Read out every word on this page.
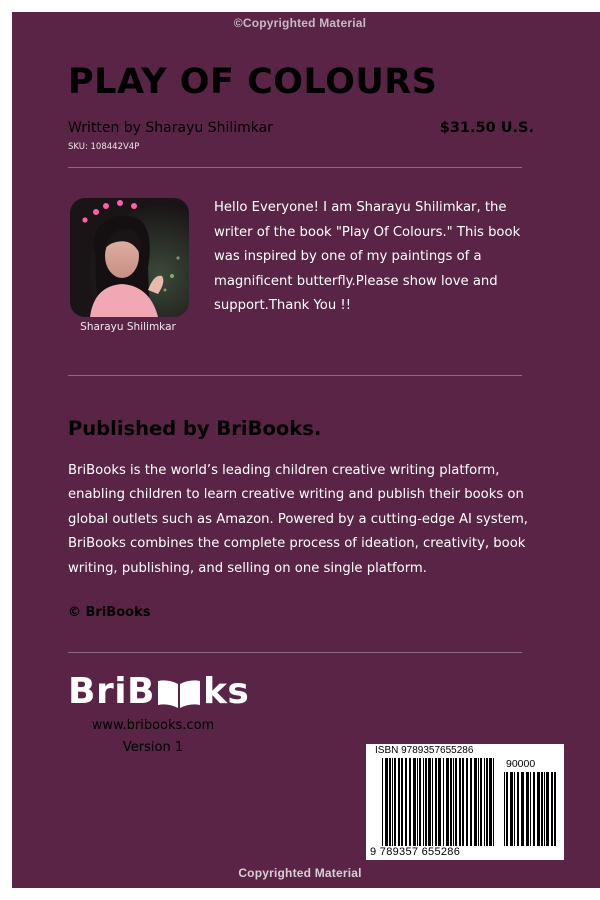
©Copyrighted Material
PLAY OF COLOURS
Written by Sharayu Shilimkar	$31.50 U.S.
SKU: 108442V4P
Sharayu Shilimkar
Hello Everyone! I am Sharayu Shilimkar, the writer of the book "Play Of Colours." This book was inspired by one of my paintings of a magnificent butterfly.Please show love and support.Thank You !!
Published by BriBooks.
BriBooks is the world’s leading children creative writing platform, enabling children to learn creative writing and publish their books on global outlets such as Amazon. Powered by a cutting-edge AI system, BriBooks combines the complete process of ideation, creativity, book writing, publishing, and selling on one single platform.
© BriBooks
BriB ks
www.bribooks.com
Version 1	ISBN 9789357655286
90000
9 789357 655286
Copyrighted Material
